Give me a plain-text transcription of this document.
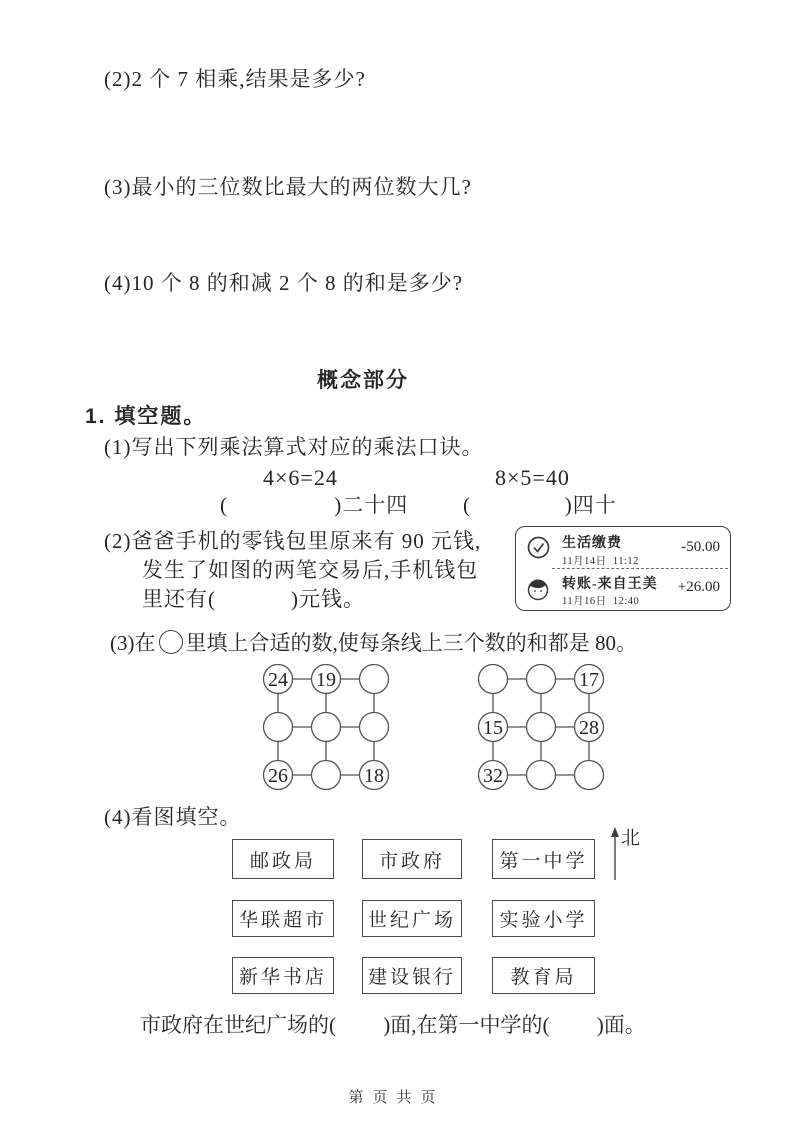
(2)2 个 7 相乘,结果是多少?
(3)最小的三位数比最大的两位数大几?
(4)10 个 8 的和减 2 个 8 的和是多少?
概念部分
1. 填空题。
(1)写出下列乘法算式对应的乘法口诀。
4×6=24	8×5=40
(                 )二十四	(               )四十
(2)爸爸手机的零钱包里原来有 90 元钱,
发生了如图的两笔交易后,手机钱包
里还有(            )元钱。
生活缴费	-50.00
11月14日  11:12
转账-来自王美 +26.00
11月16日  12:40
(3)在 里填上合适的数,使每条线上三个数的和都是 80。
24 19
26	18
17
15	28
32
(4)看图填空。
邮政局	市政府	第一中学
华联超市	世纪广场	实验小学
新华书店	建设银行	教育局
北
市政府在世纪广场的(         )面,在第一中学的(         )面。
第页共页
